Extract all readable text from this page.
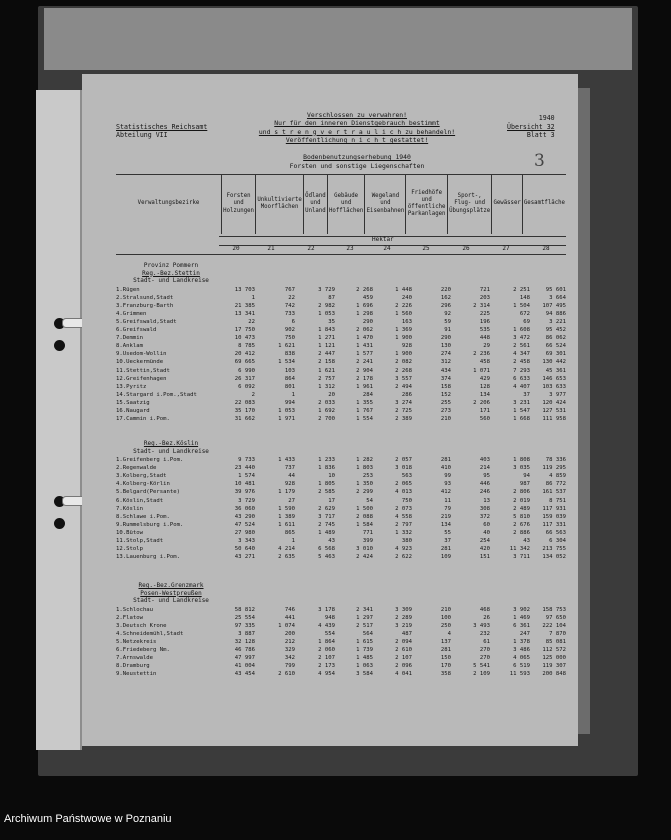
Statistisches Reichsamt
Abteilung VII
Verschlossen zu verwahren!
Nur für den inneren Dienstgebrauch bestimmt
und s t r e n g v e r t r a u l i c h zu behandeln!
Veröffentlichung n i c h t gestattet!
1940
Übersicht 32
Blatt 3
3
Bodenbenutzungserhebung 1940
Forsten und sonstige Liegenschaften
Verwaltungsbezirke	Forsten und Holzungen	Unkultivierte Moorflächen	Ödland und Unland	Gebäude und Hofflächen	Wegeland und Eisenbahnen	Friedhöfe und öffentliche Parkanlagen	Sport-, Flug- und Übungsplätze	Gewässer	Gesamtfläche
Hektar
20	21	22	23	24	25	26	27	28
Provinz Pommern
Reg.-Bez.Stettin
Stadt- und Landkreise
1.Rügen	13 703	767	3 729	2 268	1 448	220	721	2 251	95 601
2.Stralsund,Stadt	1	22	87	459	240	162	203	148	3 664
3.Franzburg-Barth	21 385	742	2 982	1 696	2 226	296	2 314	1 504	107 495
4.Grimmen	13 341	733	1 053	1 298	1 560	92	225	672	94 886
5.Greifswald,Stadt	22	6	35	290	163	59	196	69	3 221
6.Greifswald	17 750	902	1 843	2 062	1 369	91	535	1 608	95 452
7.Demmin	10 473	750	1 271	1 470	1 900	290	448	3 472	86 062
8.Anklam	8 785	1 621	1 121	1 431	928	130	29	2 561	66 524
9.Usedom-Wollin	20 412	838	2 447	1 577	1 900	274	2 236	4 347	69 301
10.Ueckermünde	69 665	1 534	2 158	2 241	2 082	312	458	2 458	130 442
11.Stettin,Stadt	6 990	103	1 621	2 904	2 268	434	1 071	7 293	45 361
12.Greifenhagen	26 317	864	2 757	2 178	3 557	374	429	6 633	146 653
13.Pyritz	6 092	801	1 312	1 961	2 494	158	128	4 407	103 633
14.Stargard i.Pom.,Stadt	2	1	20	284	286	152	134	37	3 977
15.Saatzig	22 083	994	2 033	1 355	3 274	255	2 206	3 231	120 424
16.Naugard	35 170	1 053	1 692	1 767	2 725	273	171	1 547	127 531
17.Cammin i.Pom.	31 662	1 971	2 700	1 554	2 389	210	560	1 668	111 958
Reg.-Bez.Köslin
Stadt- und Landkreise
1.Greifenberg i.Pom.	9 733	1 433	1 233	1 282	2 057	281	403	1 808	78 336
2.Regenwalde	23 440	737	1 836	1 803	3 018	410	214	3 035	119 295
3.Kolberg,Stadt	1 574	44	10	253	563	99	95	94	4 859
4.Kolberg-Körlin	10 481	928	1 805	1 350	2 065	93	446	987	86 772
5.Belgard(Persante)	39 976	1 179	2 585	2 299	4 013	412	246	2 806	161 537
6.Köslin,Stadt	3 729	27	17	54	750	11	13	2 019	8 751
7.Köslin	36 060	1 590	2 629	1 500	2 073	79	308	2 489	117 931
8.Schlawe i.Pom.	43 290	1 389	3 717	2 088	4 558	219	372	5 810	159 039
9.Rummelsburg i.Pom.	47 524	1 611	2 745	1 584	2 797	134	60	2 676	117 331
10.Bütow	27 980	865	1 489	771	1 332	55	40	2 886	66 563
11.Stolp,Stadt	3 343	1	43	399	380	37	254	43	6 304
12.Stolp	50 640	4 214	6 568	3 010	4 923	281	420	11 342	213 755
13.Lauenburg i.Pom.	43 271	2 635	5 463	2 424	2 622	109	151	3 711	134 052
Reg.-Bez.Grenzmark
Posen-Westpreußen
Stadt- und Landkreise
1.Schlochau	58 812	746	3 178	2 341	3 309	210	468	3 902	158 753
2.Flatow	25 554	441	948	1 297	2 289	100	26	1 469	97 650
3.Deutsch Krone	97 335	1 074	4 439	2 517	3 219	250	3 493	6 361	222 104
4.Schneidemühl,Stadt	3 887	200	554	564	487	4	232	247	7 870
5.Netzekreis	32 128	212	1 864	1 615	2 094	137	61	1 378	85 081
6.Friedeberg Nm.	46 786	329	2 060	1 739	2 610	281	270	3 486	112 572
7.Arnswalde	47 997	342	2 107	1 485	2 107	150	270	4 065	125 000
8.Dramburg	41 004	799	2 173	1 063	2 096	170	5 541	6 519	119 307
9.Neustettin	43 454	2 610	4 954	3 584	4 041	358	2 109	11 593	200 848
Archiwum Państwowe w Poznaniu
